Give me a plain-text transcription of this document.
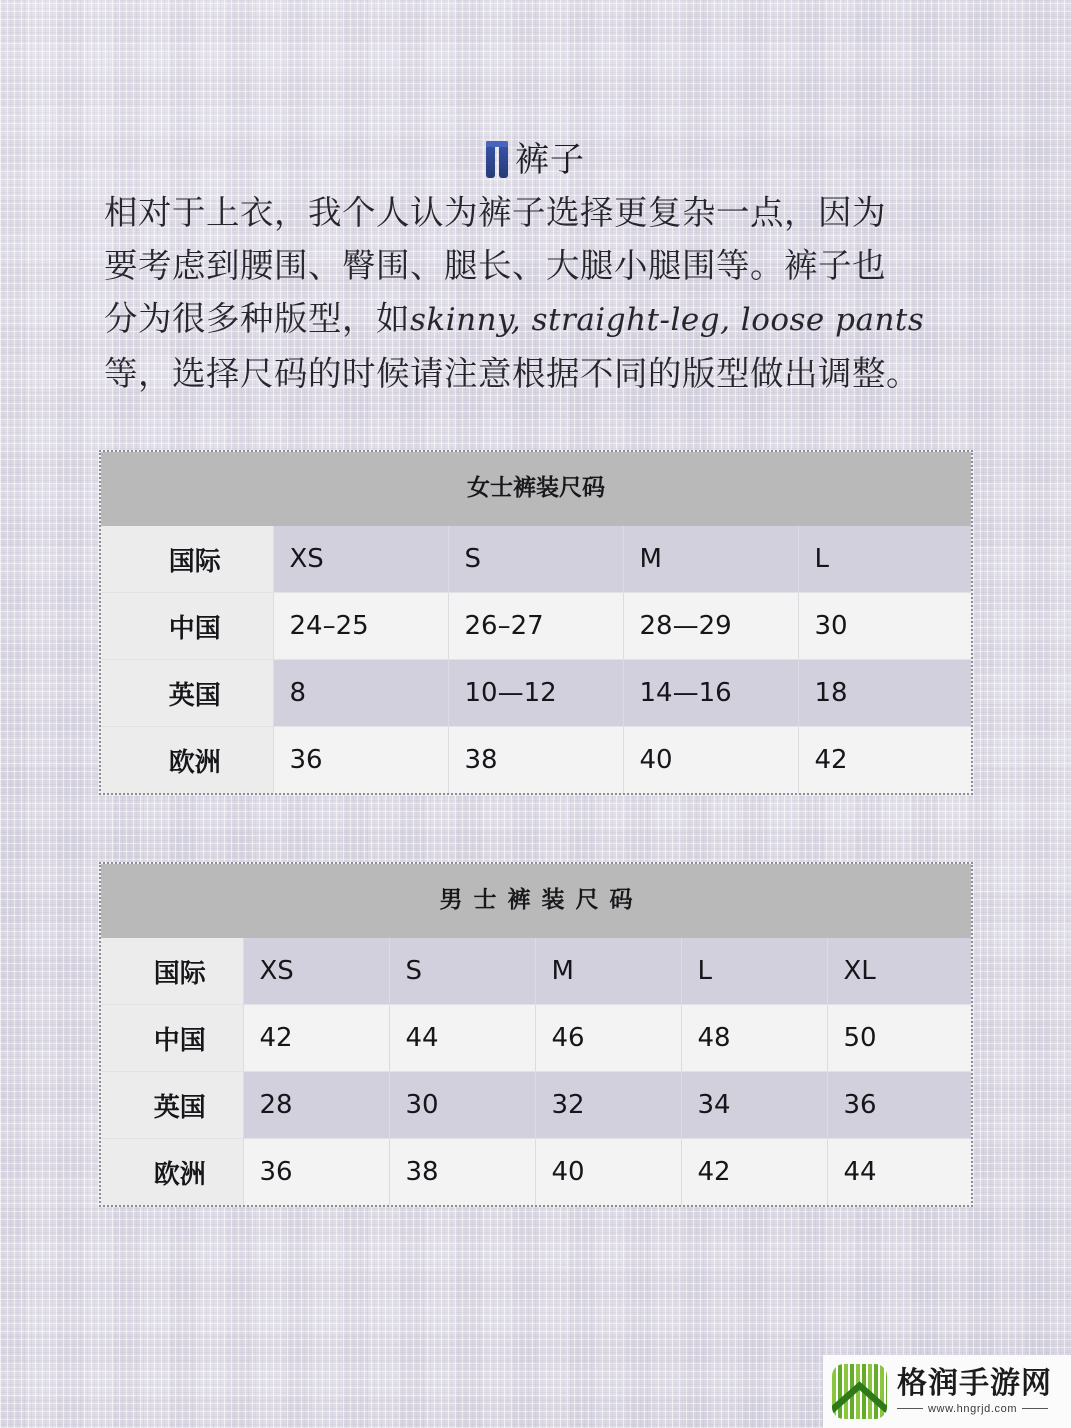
裤子
相对于上衣，我个人认为裤子选择更复杂一点，因为
要考虑到腰围、臀围、腿长、大腿小腿围等。裤子也
分为很多种版型，如skinny, straight-leg, loose pants
等，选择尺码的时候请注意根据不同的版型做出调整。
女士裤装尺码
国际	XS	S	M	L
中国	24–25	26–27	28—29	30
英国	8	10—12	14—16	18
欧洲	36	38	40	42
男士裤装尺码
国际	XS	S	M	L	XL
中国	42	44	46	48	50
英国	28	30	32	34	36
欧洲	36	38	40	42	44
格润手游网
www.hngrjd.com
